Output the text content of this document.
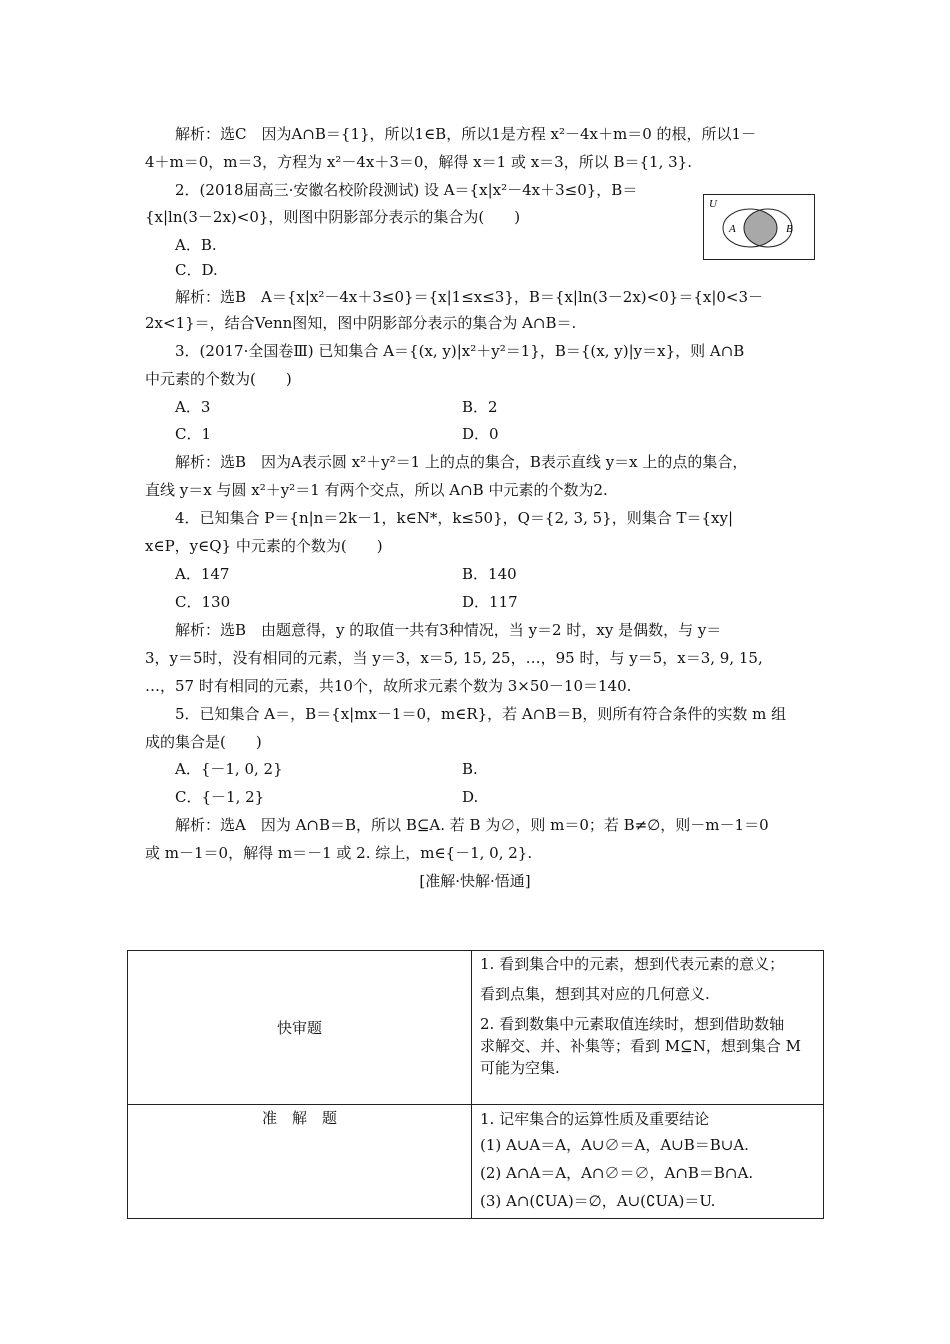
解析：选C　因为A∩B＝{1}，所以1∈B，所以1是方程 x²－4x＋m＝0 的根，所以1－
4＋m＝0，m＝3，方程为 x²－4x＋3＝0，解得 x＝1 或 x＝3，所以 B＝{1, 3}.
2．(2018届高三·安徽名校阶段测试) 设 A＝{x|x²－4x＋3≤0}，B＝
{x|ln(3－2x)<0}，则图中阴影部分表示的集合为(　　)
A．B.
C．D.
U
A	B
解析：选B　A＝{x|x²－4x＋3≤0}＝{x|1≤x≤3}，B＝{x|ln(3－2x)<0}＝{x|0<3－
2x<1}＝，结合Venn图知，图中阴影部分表示的集合为 A∩B＝.
3．(2017·全国卷Ⅲ) 已知集合 A＝{(x, y)|x²＋y²＝1}，B＝{(x, y)|y＝x}，则 A∩B
中元素的个数为(　　)
A．3	B．2
C．1	D．0
解析：选B　因为A表示圆 x²＋y²＝1 上的点的集合，B表示直线 y＝x 上的点的集合，
直线 y＝x 与圆 x²＋y²＝1 有两个交点，所以 A∩B 中元素的个数为2.
4．已知集合 P＝{n|n＝2k－1，k∈N*，k≤50}，Q＝{2, 3, 5}，则集合 T＝{xy|
x∈P，y∈Q} 中元素的个数为(　　)
A．147	B．140
C．130	D．117
解析：选B　由题意得，y 的取值一共有3种情况，当 y＝2 时，xy 是偶数，与 y＝
3，y＝5时，没有相同的元素，当 y＝3，x＝5, 15, 25，…，95 时，与 y＝5，x＝3, 9, 15,
…，57 时有相同的元素，共10个，故所求元素个数为 3×50－10＝140.
5．已知集合 A＝，B＝{x|mx－1＝0，m∈R}，若 A∩B＝B，则所有符合条件的实数 m 组
成的集合是(　　)
A．{－1, 0, 2}	B.
C．{－1, 2}	D.
解析：选A　因为 A∩B＝B，所以 B⊆A. 若 B 为∅，则 m＝0；若 B≠∅，则－m－1＝0
或 m－1＝0，解得 m＝－1 或 2. 综上，m∈{－1, 0, 2}.
[准解·快解·悟通]
快审题	1. 看到集合中的元素，想到代表元素的意义；

看到点集，想到其对应的几何意义.

2. 看到数集中元素取值连续时，想到借助数轴

求解交、并、补集等；看到 M⊆N，想到集合 M

可能为空集.

准　解　题	1. 记牢集合的运算性质及重要结论

(1) A∪A＝A，A∪∅＝A，A∪B＝B∪A.

(2) A∩A＝A，A∩∅＝∅，A∩B＝B∩A.

(3) A∩(∁UA)＝∅，A∪(∁UA)＝U.
